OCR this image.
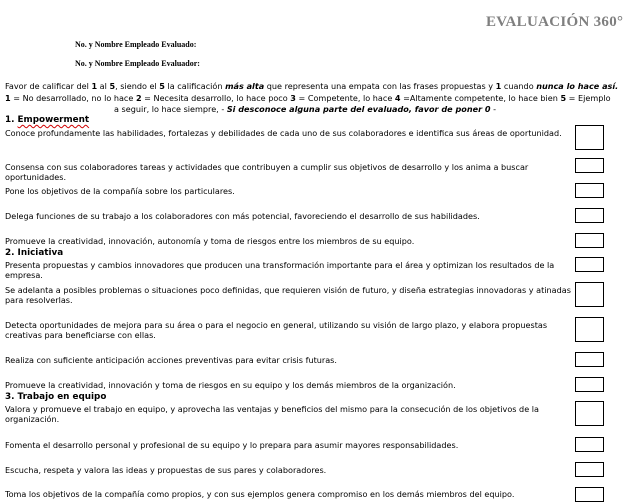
EVALUACIÓN 360°
No. y Nombre Empleado Evaluado:
No. y Nombre Empleado Evaluador:
Favor de calificar del 1 al 5, siendo el 5 la calificación más alta que representa una empata con las frases propuestas y 1 cuando nunca lo hace así.
1 = No desarrollado, no lo hace 2 = Necesita desarrollo, lo hace poco 3 = Competente, lo hace 4 =Altamente competente, lo hace bien 5 = Ejemplo
a seguir, lo hace siempre, - Si desconoce alguna parte del evaluado, favor de poner 0 -
1. Empowerment
2. Iniciativa
3. Trabajo en equipo
Conoce profundamente las habilidades, fortalezas y debilidades de cada uno de sus colaboradores e identifica sus áreas de oportunidad.
Consensa con sus colaboradores tareas y actividades que contribuyen a cumplir sus objetivos de desarrollo y los anima a buscar oportunidades.
Pone los objetivos de la compañía sobre los particulares.
Delega funciones de su trabajo a los colaboradores con más potencial, favoreciendo el desarrollo de sus habilidades.
Promueve la creatividad, innovación, autonomía y toma de riesgos entre los miembros de su equipo.
Presenta propuestas y cambios innovadores que producen una transformación importante para el área y optimizan los resultados de la empresa.
Se adelanta a posibles problemas o situaciones poco definidas, que requieren visión de futuro, y diseña estrategias innovadoras y atinadas para resolverlas.
Detecta oportunidades de mejora para su área o para el negocio en general, utilizando su visión de largo plazo, y elabora propuestas creativas para beneficiarse con ellas.
Realiza con suficiente anticipación acciones preventivas para evitar crisis futuras.
Promueve la creatividad, innovación y toma de riesgos en su equipo y los demás miembros de la organización.
Valora y promueve el trabajo en equipo, y aprovecha las ventajas y beneficios del mismo para la consecución de los objetivos de la organización.
Fomenta el desarrollo personal y profesional de su equipo y lo prepara para asumir mayores responsabilidades.
Escucha, respeta y valora las ideas y propuestas de sus pares y colaboradores.
Toma los objetivos de la compañía como propios, y con sus ejemplos genera compromiso en los demás miembros del equipo.
